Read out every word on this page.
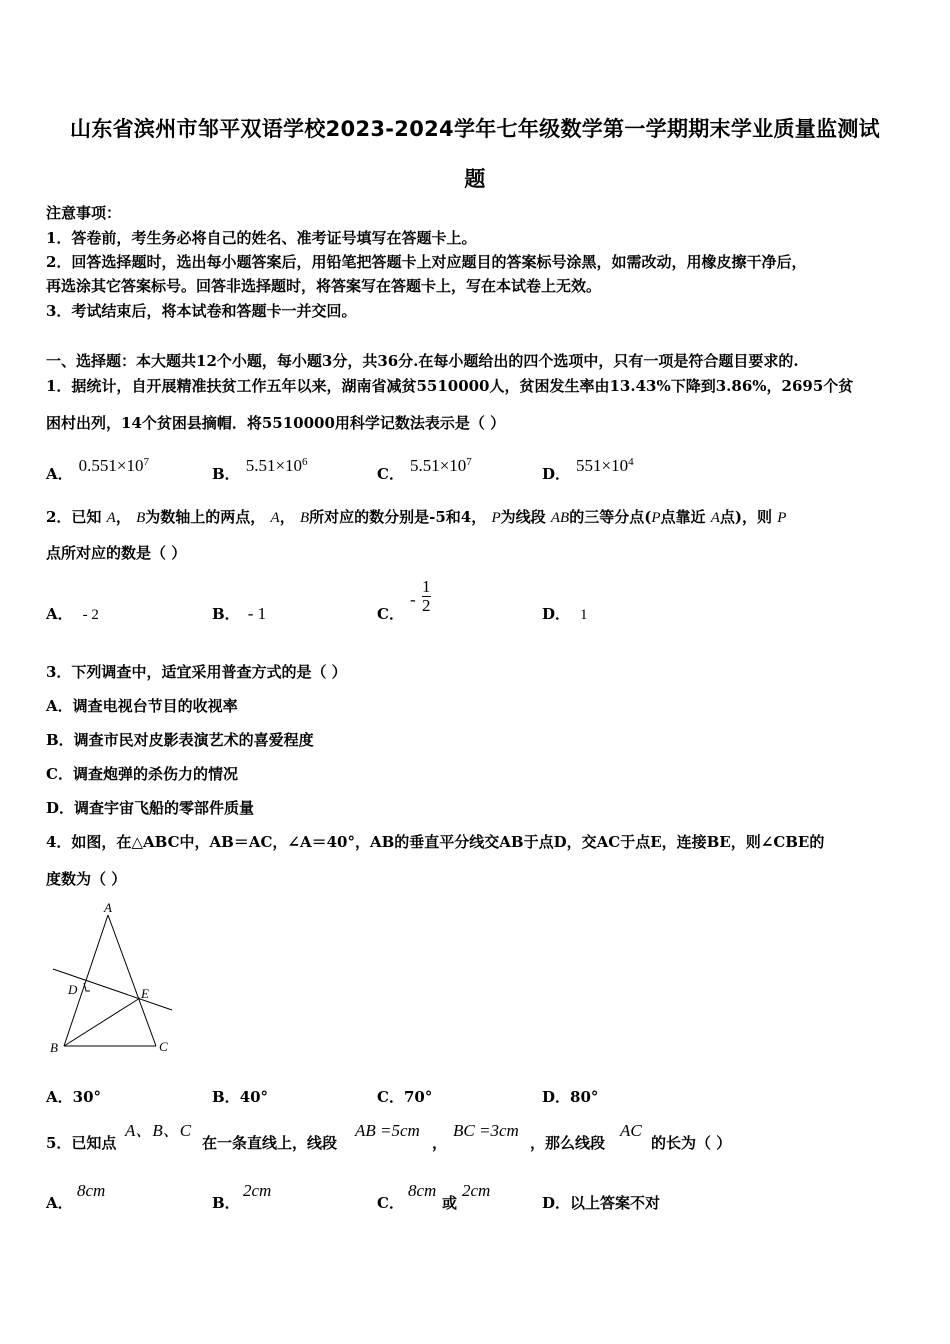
山东省滨州市邹平双语学校2023-2024学年七年级数学第一学期期末学业质量监测试
题
注意事项：
1．答卷前，考生务必将自己的姓名、准考证号填写在答题卡上。
2．回答选择题时，选出每小题答案后，用铅笔把答题卡上对应题目的答案标号涂黑，如需改动，用橡皮擦干净后，
再选涂其它答案标号。回答非选择题时，将答案写在答题卡上，写在本试卷上无效。
3．考试结束后，将本试卷和答题卡一并交回。
一、选择题：本大题共12个小题，每小题3分，共36分.在每小题给出的四个选项中，只有一项是符合题目要求的.
1．据统计，自开展精准扶贫工作五年以来，湖南省减贫5510000人，贫困发生率由13.43%下降到3.86%，2695个贫
困村出列，14个贫困县摘帽．将5510000用科学记数法表示是（ ）
A． $0.551\times 10^7$
B． $5.51\times 10^6$
C． $5.51\times 10^7$
D． $551\times 10^4$
2．已知 A， B为数轴上的两点， A， B所对应的数分别是-5和4， P为线段 AB的三等分点(P点靠近 A点)，则 P
点所对应的数是（ ）
A． - 2	B． - 1	C．
- $\frac{1}{2}$	D． 1
3．下列调查中，适宜采用普查方式的是（ ）
A．调查电视台节目的收视率
B．调查市民对皮影表演艺术的喜爱程度
C．调查炮弹的杀伤力的情况
D．调查宇宙飞船的零部件质量
4．如图，在△ABC中，AB＝AC，∠A＝40°，AB的垂直平分线交AB于点D，交AC于点E，连接BE，则∠CBE的
度数为（ ）
A
B	C
D	E
A．30°	B．40°	C．70°	D．80°
5．已知点
A、B、C
在一条直线上，线段
AB =5cm
，
BC =3cm
，那么线段
AC
的长为（ ）
A．
8cm
B．
2cm
C．
8cm
或
2cm
D．以上答案不对
